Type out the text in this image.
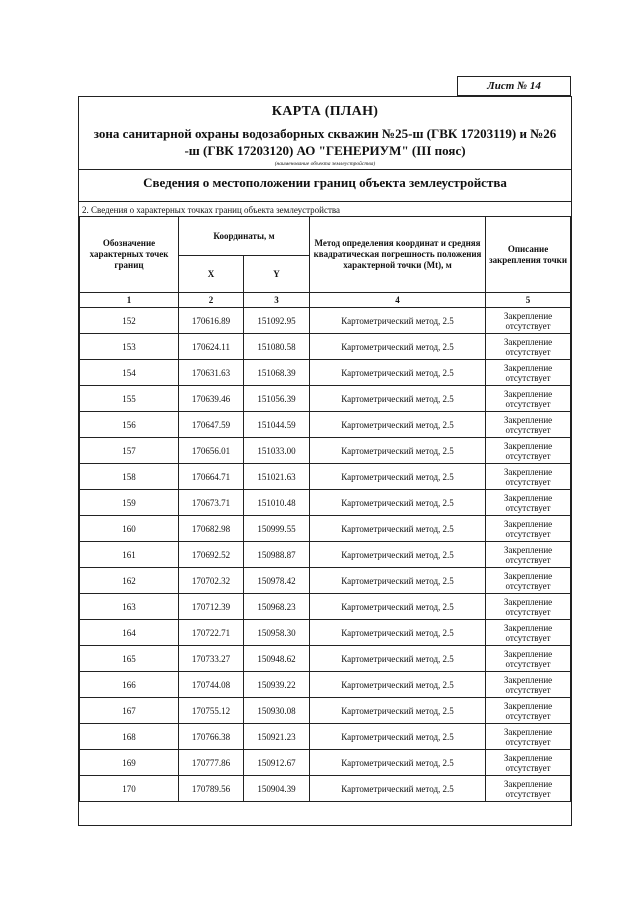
Лист № 14
КАРТА (ПЛАН)
зона санитарной охраны водозаборных скважин №25-ш (ГВК 17203119) и №26 -ш (ГВК 17203120) АО "ГЕНЕРИУМ" (III пояс)
(наименование объекта землеустройства)
Сведения о местоположении границ объекта землеустройства
2. Сведения о характерных точках границ объекта землеустройства
Обозначение характерных точек границ	Координаты, м		Метод определения координат и средняя квадратическая погрешность положения характерной точки (Mt), м	Описание закрепления точки
	X	Y		
1	2	3	4	5
152	170616.89	151092.95	Картометрический метод, 2.5	Закрепление отсутствует
153	170624.11	151080.58	Картометрический метод, 2.5	Закрепление отсутствует
154	170631.63	151068.39	Картометрический метод, 2.5	Закрепление отсутствует
155	170639.46	151056.39	Картометрический метод, 2.5	Закрепление отсутствует
156	170647.59	151044.59	Картометрический метод, 2.5	Закрепление отсутствует
157	170656.01	151033.00	Картометрический метод, 2.5	Закрепление отсутствует
158	170664.71	151021.63	Картометрический метод, 2.5	Закрепление отсутствует
159	170673.71	151010.48	Картометрический метод, 2.5	Закрепление отсутствует
160	170682.98	150999.55	Картометрический метод, 2.5	Закрепление отсутствует
161	170692.52	150988.87	Картометрический метод, 2.5	Закрепление отсутствует
162	170702.32	150978.42	Картометрический метод, 2.5	Закрепление отсутствует
163	170712.39	150968.23	Картометрический метод, 2.5	Закрепление отсутствует
164	170722.71	150958.30	Картометрический метод, 2.5	Закрепление отсутствует
165	170733.27	150948.62	Картометрический метод, 2.5	Закрепление отсутствует
166	170744.08	150939.22	Картометрический метод, 2.5	Закрепление отсутствует
167	170755.12	150930.08	Картометрический метод, 2.5	Закрепление отсутствует
168	170766.38	150921.23	Картометрический метод, 2.5	Закрепление отсутствует
169	170777.86	150912.67	Картометрический метод, 2.5	Закрепление отсутствует
170	170789.56	150904.39	Картометрический метод, 2.5	Закрепление отсутствует
